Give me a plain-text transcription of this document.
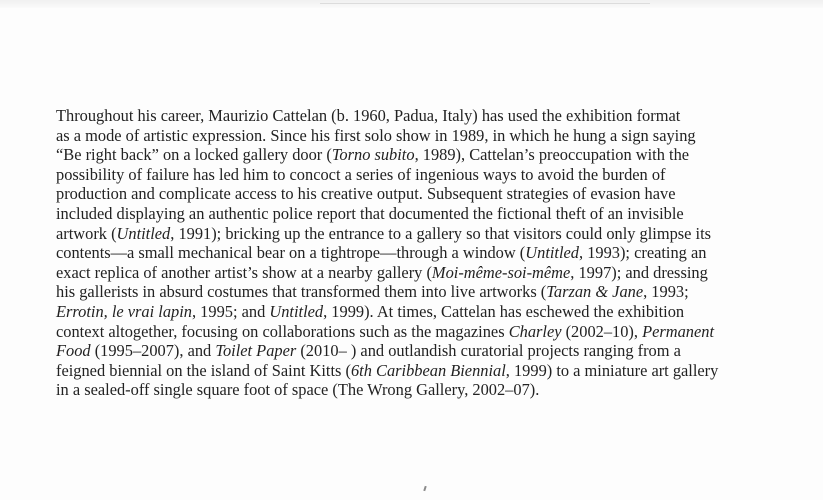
Throughout his career, Maurizio Cattelan (b. 1960, Padua, Italy) has used the exhibition format
as a mode of artistic expression. Since his first solo show in 1989, in which he hung a sign saying
“Be right back” on a locked gallery door (Torno subito, 1989), Cattelan’s preoccupation with the
possibility of failure has led him to concoct a series of ingenious ways to avoid the burden of
production and complicate access to his creative output. Subsequent strategies of evasion have
included displaying an authentic police report that documented the fictional theft of an invisible
artwork (Untitled, 1991); bricking up the entrance to a gallery so that visitors could only glimpse its
contents—a small mechanical bear on a tightrope—through a window (Untitled, 1993); creating an
exact replica of another artist’s show at a nearby gallery (Moi-même-soi-même, 1997); and dressing
his gallerists in absurd costumes that transformed them into live artworks (Tarzan & Jane, 1993;
Errotin, le vrai lapin, 1995; and Untitled, 1999). At times, Cattelan has eschewed the exhibition
context altogether, focusing on collaborations such as the magazines Charley (2002–10), Permanent
Food (1995–2007), and Toilet Paper (2010– ) and outlandish curatorial projects ranging from a
feigned biennial on the island of Saint Kitts (6th Caribbean Biennial, 1999) to a miniature art gallery
in a sealed-off single square foot of space (The Wrong Gallery, 2002–07).
